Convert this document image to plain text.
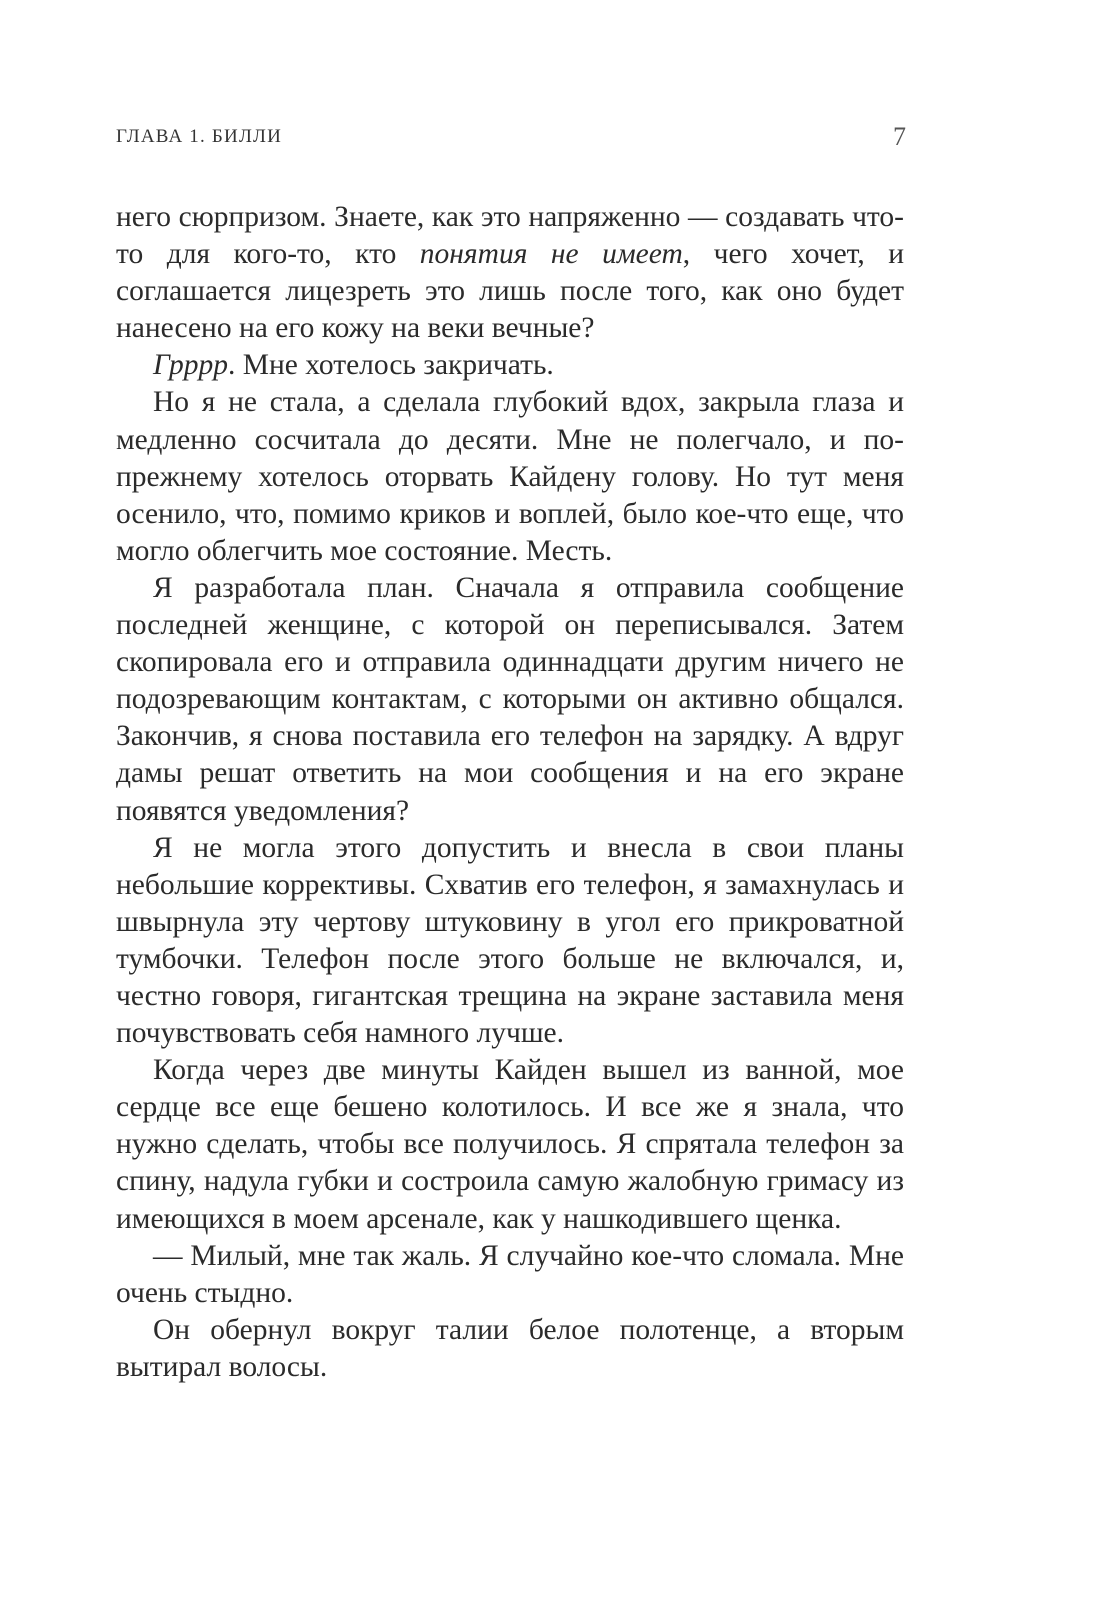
ГЛАВА 1. БИЛЛИ	7

него сюрпризом. Знаете, как это напряженно — создавать что-то для кого-то, кто понятия не имеет, чего хочет, и соглашается лицезреть это лишь после того, как оно будет нанесено на его кожу на веки вечные?

Грррр. Мне хотелось закричать.

Но я не стала, а сделала глубокий вдох, закрыла глаза и медленно сосчитала до десяти. Мне не полегчало, и по-прежнему хотелось оторвать Кайдену голову. Но тут меня осенило, что, помимо криков и воплей, было кое-что еще, что могло облегчить мое состояние. Месть.

Я разработала план. Сначала я отправила сообщение последней женщине, с которой он переписывался. Затем скопировала его и отправила одиннадцати другим ничего не подозревающим контактам, с которыми он активно общался. Закончив, я снова поставила его телефон на зарядку. А вдруг дамы решат ответить на мои сообщения и на его экране появятся уведомления?

Я не могла этого допустить и внесла в свои планы небольшие коррективы. Схватив его телефон, я замахнулась и швырнула эту чертову штуковину в угол его прикроватной тумбочки. Телефон после этого больше не включался, и, честно говоря, гигантская трещина на экране заставила меня почувствовать себя намного лучше.

Когда через две минуты Кайден вышел из ванной, мое сердце все еще бешено колотилось. И все же я знала, что нужно сделать, чтобы все получилось. Я спрятала телефон за спину, надула губки и состроила самую жалобную гримасу из имеющихся в моем арсенале, как у нашкодившего щенка.

— Милый, мне так жаль. Я случайно кое-что сломала. Мне очень стыдно.

Он обернул вокруг талии белое полотенце, а вторым вытирал волосы.
